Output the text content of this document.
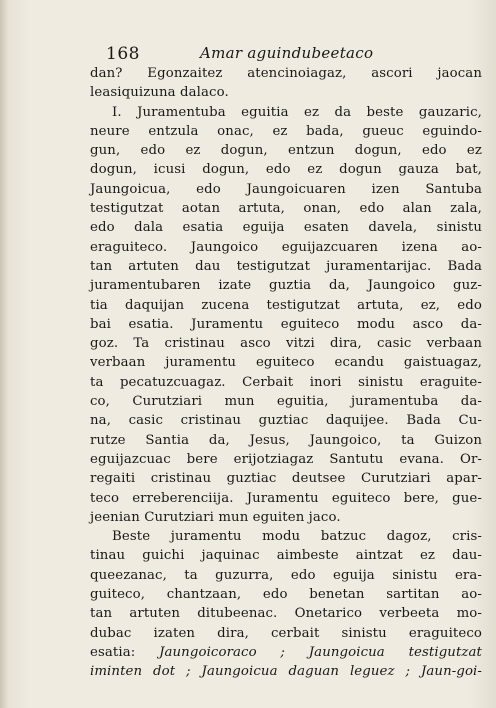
168	Amar aguindubeetaco
dan? Egonzaitez atencinoiagaz, ascori jaocan
leasiquizuna dalaco.
I. Juramentuba eguitia ez da beste gauzaric,
neure entzula onac, ez bada, gueuc eguindo-
gun, edo ez dogun, entzun dogun, edo ez
dogun, icusi dogun, edo ez dogun gauza bat,
Jaungoicua, edo Jaungoicuaren izen Santuba
testigutzat aotan artuta, onan, edo alan zala,
edo dala esatia eguija esaten davela, sinistu
eraguiteco. Jaungoico eguijazcuaren izena ao-
tan artuten dau testigutzat juramentarijac. Bada
juramentubaren izate guztia da, Jaungoico guz-
tia daquijan zucena testigutzat artuta, ez, edo
bai esatia. Juramentu eguiteco modu asco da-
goz. Ta cristinau asco vitzi dira, casic verbaan
verbaan juramentu eguiteco ecandu gaistuagaz,
ta pecatuzcuagaz. Cerbait inori sinistu eraguite-
co, Curutziari mun eguitia, juramentuba da-
na, casic cristinau guztiac daquijee. Bada Cu-
rutze Santia da, Jesus, Jaungoico, ta Guizon
eguijazcuac bere erijotziagaz Santutu evana. Or-
regaiti cristinau guztiac deutsee Curutziari apar-
teco erreberenciija. Juramentu eguiteco bere, gue-
jeenian Curutziari mun eguiten jaco.
Beste juramentu modu batzuc dagoz, cris-
tinau guichi jaquinac aimbeste aintzat ez dau-
queezanac, ta guzurra, edo eguija sinistu era-
guiteco, chantzaan, edo benetan sartitan ao-
tan artuten ditubeenac. Onetarico verbeeta mo-
dubac izaten dira, cerbait sinistu eraguiteco
esatia: Jaungoicoraco ; Jaungoicua testigutzat
iminten dot ; Jaungoicua daguan leguez ; Jaun-goi-
